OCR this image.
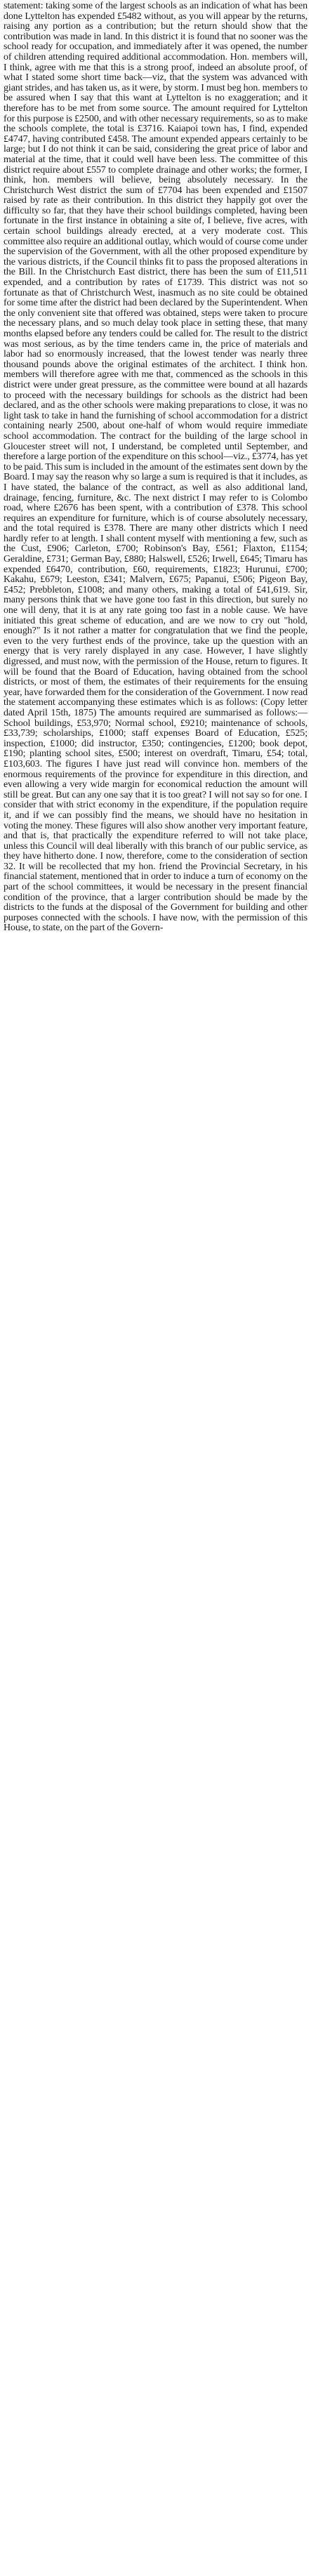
statement: taking some of the largest schools as an indication of what has been done Lyttelton has expended £5482 without, as you will appear by the returns, raising any portion as a contribution; but the return should show that the contribution was made in land. In this district it is found that no sooner was the school ready for occupation, and immediately after it was opened, the number of children attending required additional accommodation. Hon. members will, I think, agree with me that this is a strong proof, indeed an absolute proof, of what I stated some short time back—viz, that the system was advanced with giant strides, and has taken us, as it were, by storm. I must beg hon. members to be assured when I say that this want at Lyttelton is no exaggeration; and it therefore has to be met from some source. The amount required for Lyttelton for this purpose is £2500, and with other necessary requirements, so as to make the schools complete, the total is £3716. Kaiapoi town has, I find, expended £4747, having contributed £458. The amount expended appears certainly to be large; but I do not think it can be said, considering the great price of labor and material at the time, that it could well have been less. The committee of this district require about £557 to complete drainage and other works; the former, I think, hon. members will believe, being absolutely necessary. In the Christchurch West district the sum of £7704 has been expended and £1507 raised by rate as their contribution. In this district they happily got over the difficulty so far, that they have their school buildings completed, having been fortunate in the first instance in obtaining a site of, I believe, five acres, with certain school buildings already erected, at a very moderate cost. This committee also require an additional outlay, which would of course come under the supervision of the Government, with all the other proposed expenditure by the various districts, if the Council thinks fit to pass the proposed alterations in the Bill. In the Christchurch East district, there has been the sum of £11,511 expended, and a contribution by rates of £1739. This district was not so fortunate as that of Christchurch West, inasmuch as no site could be obtained for some time after the district had been declared by the Superintendent. When the only convenient site that offered was obtained, steps were taken to procure the necessary plans, and so much delay took place in setting these, that many months elapsed before any tenders could be called for. The result to the district was most serious, as by the time tenders came in, the price of materials and labor had so enormously increased, that the lowest tender was nearly three thousand pounds above the original estimates of the architect. I think hon. members will therefore agree with me that, commenced as the schools in this district were under great pressure, as the committee were bound at all hazards to proceed with the necessary buildings for schools as the district had been declared, and as the other schools were making preparations to close, it was no light task to take in hand the furnishing of school accommodation for a district containing nearly 2500, about one-half of whom would require immediate school accommodation. The contract for the building of the large school in Gloucester street will not, I understand, be completed until September, and therefore a large portion of the expenditure on this school—viz., £3774, has yet to be paid. This sum is included in the amount of the estimates sent down by the Board. I may say the reason why so large a sum is required is that it includes, as I have stated, the balance of the contract, as well as also additional land, drainage, fencing, furniture, &c. The next district I may refer to is Colombo road, where £2676 has been spent, with a contribution of £378. This school requires an expenditure for furniture, which is of course absolutely necessary, and the total required is £378. There are many other districts which I need hardly refer to at length. I shall content myself with mentioning a few, such as the Cust, £906; Carleton, £700; Robinson's Bay, £561; Flaxton, £1154; Geraldine, £731; German Bay, £880; Halswell, £526; Irwell, £645; Timaru has expended £6470, contribution, £60, requirements, £1823; Hurunui, £700; Kakahu, £679; Leeston, £341; Malvern, £675; Papanui, £506; Pigeon Bay, £452; Prebbleton, £1008; and many others, making a total of £41,619. Sir, many persons think that we have gone too fast in this direction, but surely no one will deny, that it is at any rate going too fast in a noble cause. We have initiated this great scheme of education, and are we now to cry out "hold, enough?" Is it not rather a matter for congratulation that we find the people, even to the very furthest ends of the province, take up the question with an energy that is very rarely displayed in any case. However, I have slightly digressed, and must now, with the permission of the House, return to figures. It will be found that the Board of Education, having obtained from the school districts, or most of them, the estimates of their requirements for the ensuing year, have forwarded them for the consideration of the Government. I now read the statement accompanying these estimates which is as follows: (Copy letter dated April 15th, 1875) The amounts required are summarised as follows:—School buildings, £53,970; Normal school, £9210; maintenance of schools, £33,739; scholarships, £1000; staff expenses Board of Education, £525; inspection, £1000; did instructor, £350; contingencies, £1200; book depot, £190; planting school sites, £500; interest on overdraft, Timaru, £54; total, £103,603. The figures I have just read will convince hon. members of the enormous requirements of the province for expenditure in this direction, and even allowing a very wide margin for economical reduction the amount will still be great. But can any one say that it is too great? I will not say so for one. I consider that with strict economy in the expenditure, if the population require it, and if we can possibly find the means, we should have no hesitation in voting the money. These figures will also show another very important feature, and that is, that practically the expenditure referred to will not take place, unless this Council will deal liberally with this branch of our public service, as they have hitherto done. I now, therefore, come to the consideration of section 32. It will be recollected that my hon. friend the Provincial Secretary, in his financial statement, mentioned that in order to induce a turn of economy on the part of the school committees, it would be necessary in the present financial condition of the province, that a larger contribution should be made by the districts to the funds at the disposal of the Government for building and other purposes connected with the schools. I have now, with the permission of this House, to state, on the part of the Govern-
